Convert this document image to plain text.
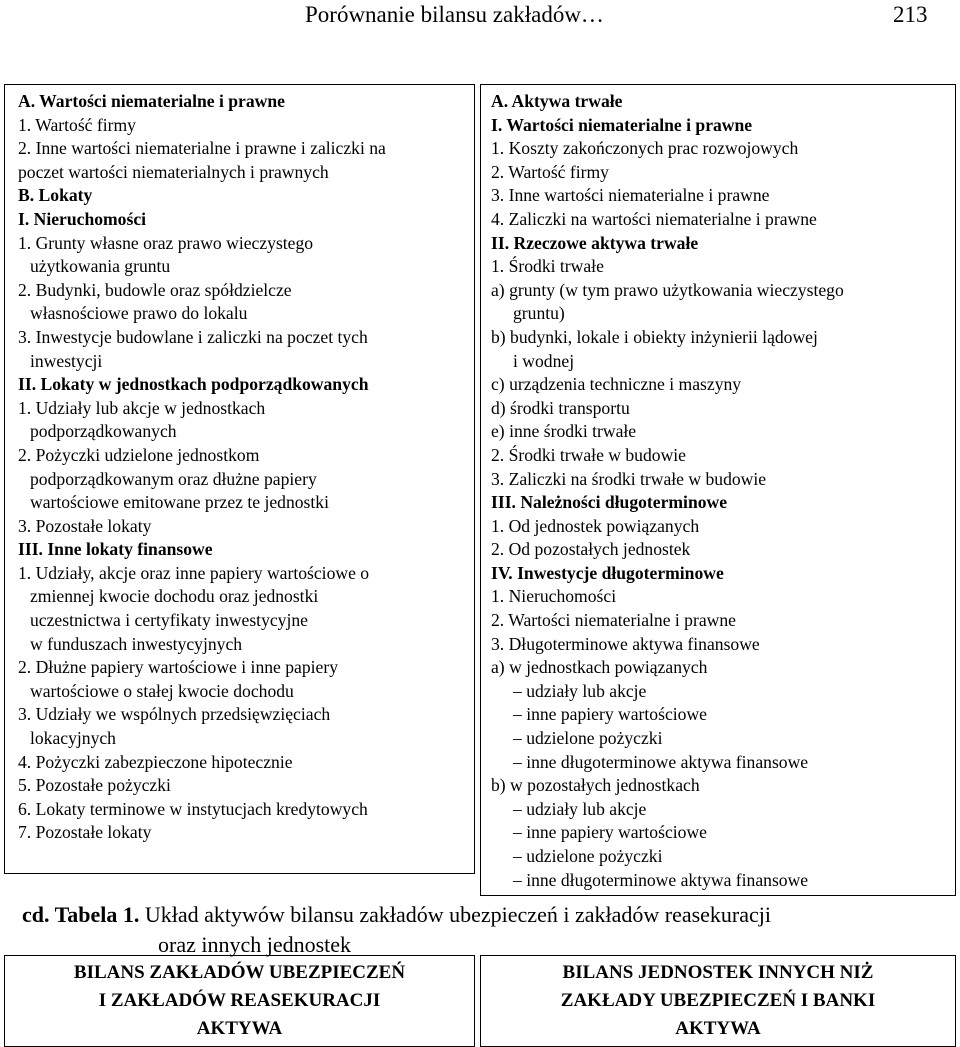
Porównanie bilansu zakładów…	213
A. Wartości niematerialne i prawne
1. Wartość firmy
2. Inne wartości niematerialne i prawne i zaliczki na
poczet wartości niematerialnych i prawnych
B. Lokaty
I. Nieruchomości
1. Grunty własne oraz prawo wieczystego
użytkowania gruntu
2. Budynki, budowle oraz spółdzielcze
własnościowe prawo do lokalu
3. Inwestycje budowlane i zaliczki na poczet tych
inwestycji
II. Lokaty w jednostkach podporządkowanych
1. Udziały lub akcje w jednostkach
podporządkowanych
2. Pożyczki udzielone jednostkom
podporządkowanym oraz dłużne papiery
wartościowe emitowane przez te jednostki
3. Pozostałe lokaty
III. Inne lokaty finansowe
1. Udziały, akcje oraz inne papiery wartościowe o
zmiennej kwocie dochodu oraz jednostki
uczestnictwa i certyfikaty inwestycyjne
w funduszach inwestycyjnych
2. Dłużne papiery wartościowe i inne papiery
wartościowe o stałej kwocie dochodu
3. Udziały we wspólnych przedsięwzięciach
lokacyjnych
4. Pożyczki zabezpieczone hipotecznie
5. Pozostałe pożyczki
6. Lokaty terminowe w instytucjach kredytowych
7. Pozostałe lokaty
A. Aktywa trwałe
I. Wartości niematerialne i prawne
1. Koszty zakończonych prac rozwojowych
2. Wartość firmy
3. Inne wartości niematerialne i prawne
4. Zaliczki na wartości niematerialne i prawne
II. Rzeczowe aktywa trwałe
1. Środki trwałe
a) grunty (w tym prawo użytkowania wieczystego
gruntu)
b) budynki, lokale i obiekty inżynierii lądowej
i wodnej
c) urządzenia techniczne i maszyny
d) środki transportu
e) inne środki trwałe
2. Środki trwałe w budowie
3. Zaliczki na środki trwałe w budowie
III. Należności długoterminowe
1. Od jednostek powiązanych
2. Od pozostałych jednostek
IV. Inwestycje długoterminowe
1. Nieruchomości
2. Wartości niematerialne i prawne
3. Długoterminowe aktywa finansowe
a) w jednostkach powiązanych
– udziały lub akcje
– inne papiery wartościowe
– udzielone pożyczki
– inne długoterminowe aktywa finansowe
b) w pozostałych jednostkach
– udziały lub akcje
– inne papiery wartościowe
– udzielone pożyczki
– inne długoterminowe aktywa finansowe
cd. Tabela 1. Układ aktywów bilansu zakładów ubezpieczeń i zakładów reasekuracji
oraz innych jednostek
BILANS ZAKŁADÓW UBEZPIECZEŃ
I ZAKŁADÓW REASEKURACJI
AKTYWA
BILANS JEDNOSTEK INNYCH NIŻ
ZAKŁADY UBEZPIECZEŃ I BANKI
AKTYWA
